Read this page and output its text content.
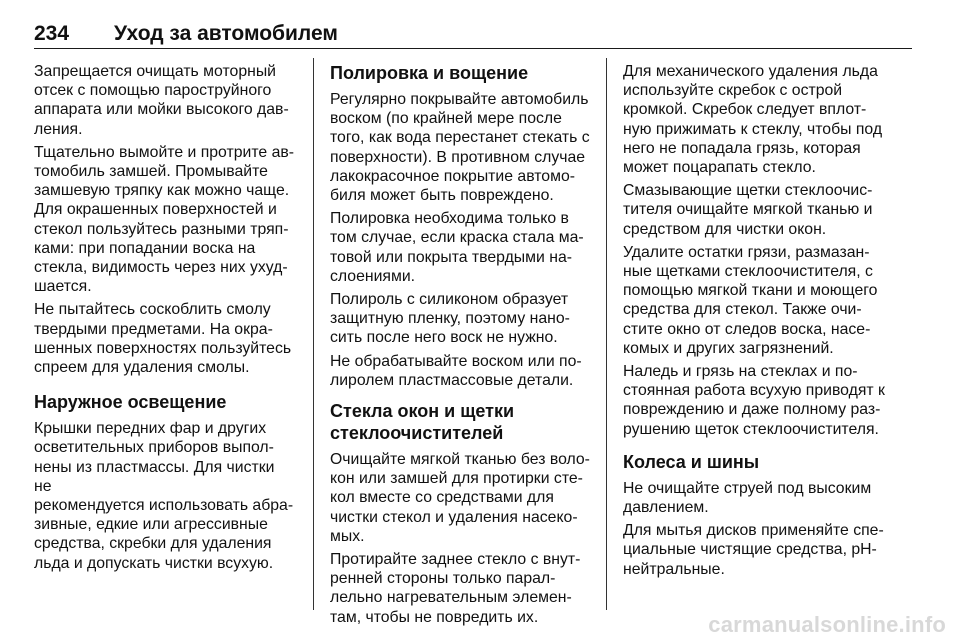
234 Уход за автомобилем

Запрещается очищать моторный
отсек с помощью пароструйного
аппарата или мойки высокого дав-
ления.

Тщательно вымойте и протрите ав-
томобиль замшей. Промывайте
замшевую тряпку как можно чаще.
Для окрашенных поверхностей и
стекол пользуйтесь разными тряп-
ками: при попадании воска на
стекла, видимость через них ухуд-
шается.

Не пытайтесь соскоблить смолу
твердыми предметами. На окра-
шенных поверхностях пользуйтесь
спреем для удаления смолы.

Наружное освещение

Крышки передних фар и других
осветительных приборов выпол-
нены из пластмассы. Для чистки не
рекомендуется использовать абра-
зивные, едкие или агрессивные
средства, скребки для удаления
льда и допускать чистки всухую.

Полировка и вощение

Регулярно покрывайте автомобиль
воском (по крайней мере после
того, как вода перестанет стекать с
поверхности). В противном случае
лакокрасочное покрытие автомо-
биля может быть повреждено.

Полировка необходима только в
том случае, если краска стала ма-
товой или покрыта твердыми на-
слоениями.

Полироль с силиконом образует
защитную пленку, поэтому нано-
сить после него воск не нужно.

Не обрабатывайте воском или по-
лиролем пластмассовые детали.

Стекла окон и щетки
стеклоочистителей

Очищайте мягкой тканью без воло-
кон или замшей для протирки сте-
кол вместе со средствами для
чистки стекол и удаления насеко-
мых.

Протирайте заднее стекло с внут-
ренней стороны только парал-
лельно нагревательным элемен-
там, чтобы не повредить их.

Для механического удаления льда
используйте скребок с острой
кромкой. Скребок следует вплот-
ную прижимать к стеклу, чтобы под
него не попадала грязь, которая
может поцарапать стекло.

Смазывающие щетки стеклоочис-
тителя очищайте мягкой тканью и
средством для чистки окон.

Удалите остатки грязи, размазан-
ные щетками стеклоочистителя, с
помощью мягкой ткани и моющего
средства для стекол. Также очи-
стите окно от следов воска, насе-
комых и других загрязнений.

Наледь и грязь на стеклах и по-
стоянная работа всухую приводят к
повреждению и даже полному раз-
рушению щеток стеклоочистителя.

Колеса и шины

Не очищайте струей под высоким
давлением.

Для мытья дисков применяйте спе-
циальные чистящие средства, pH-
нейтральные.

carmanualsonline.info
